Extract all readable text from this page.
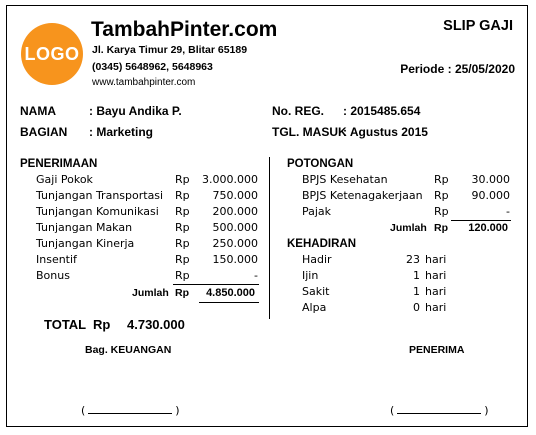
LOGO
TambahPinter.com
Jl. Karya Timur 29, Blitar 65189
(0345) 5648962, 5648963
www.tambahpinter.com
SLIP GAJI
Periode : 25/05/2020
NAMA	: Bayu Andika P.
BAGIAN : Marketing
No. REG. : 2015485.654
TGL. MASUK
: Agustus 2015
PENERIMAAN
Gaji Pokok	Rp 3.000.000
Tunjangan Transportasi Rp 750.000
Tunjangan Komunikasi Rp 200.000
Tunjangan Makan	Rp 500.000
Tunjangan Kinerja	Rp 250.000
Insentif	Rp 150.000
Bonus	Rp	-
Jumlah Rp 4.850.000
POTONGAN
BPJS Kesehatan	Rp 30.000
BPJS Ketenagakerjaan Rp 90.000
Pajak	Rp	-
Jumlah Rp 120.000
KEHADIRAN
Hadir	23 hari
Ijin	1 hari
Sakit	1 hari
Alpa	0 hari
TOTAL Rp 4.730.000
Bag. KEUANGAN	PENERIMA
(	)	(	)
